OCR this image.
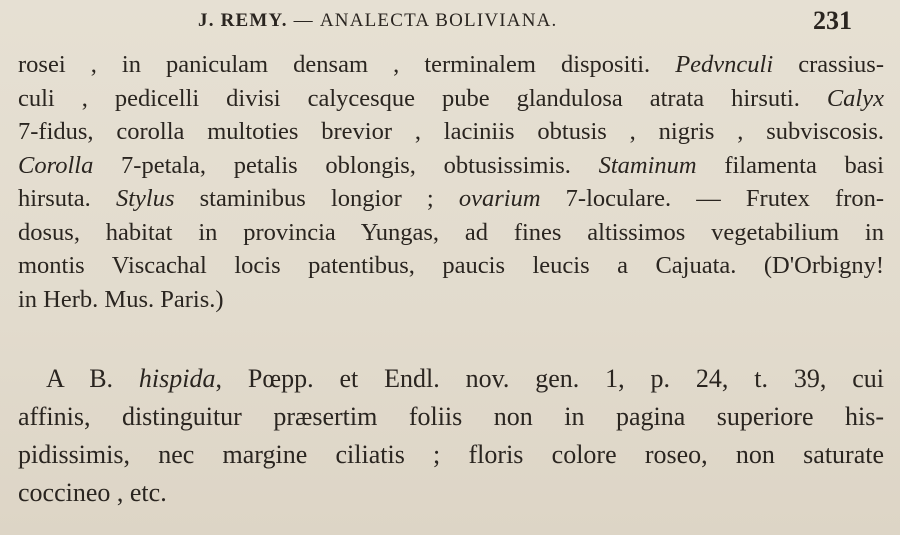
J. REMY. — ANALECTA BOLIVIANA.	231
rosei , in paniculam densam , terminalem dispositi. Pedvnculi crassius-
culi , pedicelli divisi calycesque pube glandulosa atrata hirsuti. Calyx
7-fidus, corolla multoties brevior , laciniis obtusis , nigris , subviscosis.
Corolla 7-petala, petalis oblongis, obtusissimis. Staminum filamenta basi
hirsuta. Stylus staminibus longior ; ovarium 7-loculare. — Frutex fron-
dosus, habitat in provincia Yungas, ad fines altissimos vegetabilium in
montis Viscachal locis patentibus, paucis leucis a Cajuata. (D'Orbigny!
in Herb. Mus. Paris.)
A B. hispida, Pœpp. et Endl. nov. gen. 1, p. 24, t. 39, cui
affinis, distinguitur præsertim foliis non in pagina superiore his-
pidissimis, nec margine ciliatis ; floris colore roseo, non saturate
coccineo , etc.
